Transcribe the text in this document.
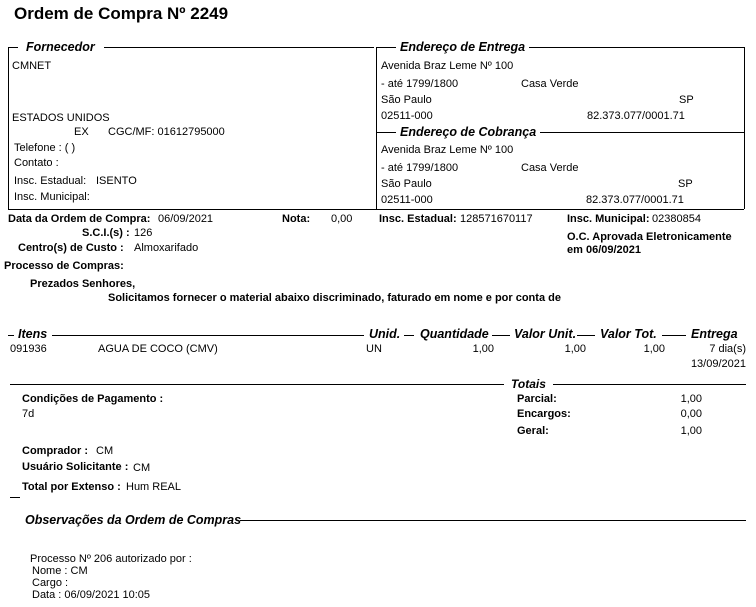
Ordem de Compra Nº 2249
Fornecedor	Endereço de Entrega
Endereço de Cobrança
CMNET
ESTADOS UNIDOS
EX CGC/MF: 01612795000
Telefone : ( )
Contato :
Insc. Estadual: ISENTO
Insc. Municipal:
Avenida Braz Leme Nº 100
- até 1799/1800	Casa Verde
São Paulo	SP
02511-000	82.373.077/0001.71
Avenida Braz Leme Nº 100
- até 1799/1800	Casa Verde
São Paulo	SP
02511-000	82.373.077/0001.71
Data da Ordem de Compra: 06/09/2021	Nota: 0,00 Insc. Estadual: 128571670117	Insc. Municipal: 02380854
S.C.I.(s) : 126	O.C. Aprovada Eletronicamente
em 06/09/2021
Centro(s) de Custo : Almoxarifado
Processo de Compras:
Prezados Senhores,
Solicitamos fornecer o material abaixo discriminado, faturado em nome e por conta de
Itens	Unid. Quantidade Valor Unit. Valor Tot.	Entrega
091936	AGUA DE COCO (CMV)	UN	1,00	1,00	1,00	7 dia(s)
13/09/2021
Totais
Parcial:	1,00
Encargos:	0,00
Geral:	1,00
Condições de Pagamento :
7d
Comprador : CM
Usuário Solicitante : CM
Total por Extenso : Hum REAL
Observações da Ordem de Compras
Processo Nº 206 autorizado por :
Nome : CM
Cargo :
Data : 06/09/2021 10:05
